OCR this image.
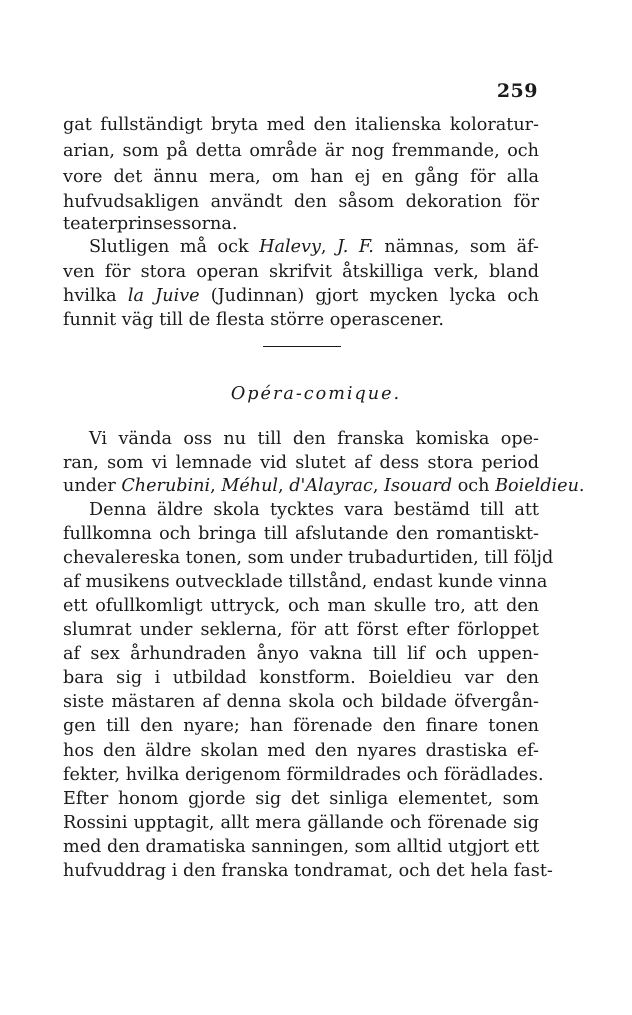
259
gat fullständigt bryta med den italienska koloratur-
arian, som på detta område är nog fremmande, och
vore det ännu mera, om han ej en gång för alla
hufvudsakligen användt den såsom dekoration för
teaterprinsessorna.
Slutligen må ock Halevy, J. F. nämnas, som äf-
ven för stora operan skrifvit åtskilliga verk, bland
hvilka la Juive (Judinnan) gjort mycken lycka och
funnit väg till de flesta större operascener.
Opéra-comique.
Vi vända oss nu till den franska komiska ope-
ran, som vi lemnade vid slutet af dess stora period
under Cherubini, Méhul, d'Alayrac, Isouard och Boieldieu.
Denna äldre skola tycktes vara bestämd till att
fullkomna och bringa till afslutande den romantiskt-
chevalereska tonen, som under trubadurtiden, till följd
af musikens outvecklade tillstånd, endast kunde vinna
ett ofullkomligt uttryck, och man skulle tro, att den
slumrat under seklerna, för att först efter förloppet
af sex århundraden ånyo vakna till lif och uppen-
bara sig i utbildad konstform. Boieldieu var den
siste mästaren af denna skola och bildade öfvergån-
gen till den nyare; han förenade den finare tonen
hos den äldre skolan med den nyares drastiska ef-
fekter, hvilka derigenom förmildrades och förädlades.
Efter honom gjorde sig det sinliga elementet, som
Rossini upptagit, allt mera gällande och förenade sig
med den dramatiska sanningen, som alltid utgjort ett
hufvuddrag i den franska tondramat, och det hela fast-
